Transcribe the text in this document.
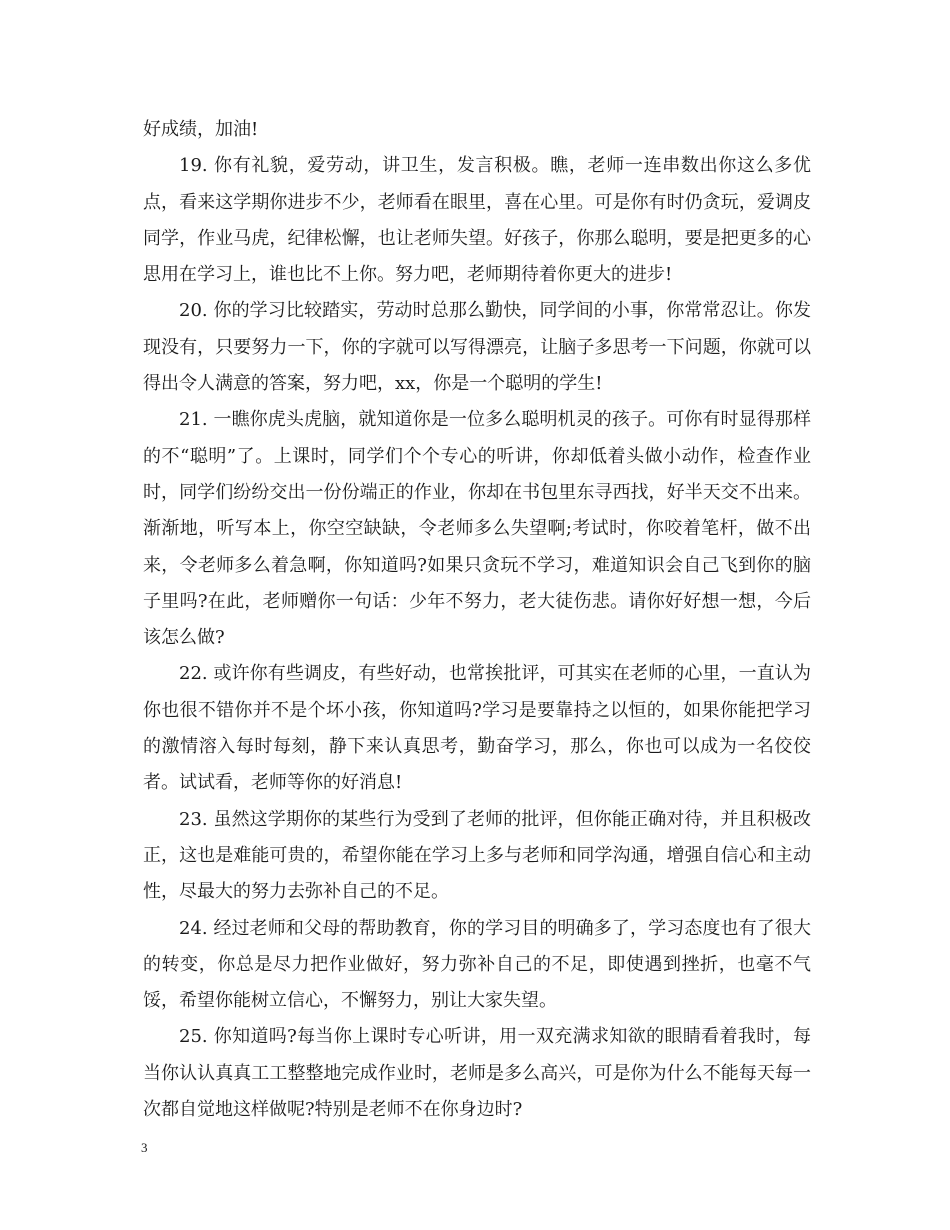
好成绩，加油!

19. 你有礼貌，爱劳动，讲卫生，发言积极。瞧，老师一连串数出你这么多优点，看来这学期你进步不少，老师看在眼里，喜在心里。可是你有时仍贪玩，爱调皮同学，作业马虎，纪律松懈，也让老师失望。好孩子，你那么聪明，要是把更多的心思用在学习上，谁也比不上你。努力吧，老师期待着你更大的进步!

20. 你的学习比较踏实，劳动时总那么勤快，同学间的小事，你常常忍让。你发现没有，只要努力一下，你的字就可以写得漂亮，让脑子多思考一下问题，你就可以得出令人满意的答案，努力吧，xx，你是一个聪明的学生!

21. 一瞧你虎头虎脑，就知道你是一位多么聪明机灵的孩子。可你有时显得那样的不“聪明”了。上课时，同学们个个专心的听讲，你却低着头做小动作，检查作业时，同学们纷纷交出一份份端正的作业，你却在书包里东寻西找，好半天交不出来。渐渐地，听写本上，你空空缺缺，令老师多么失望啊;考试时，你咬着笔杆，做不出来，令老师多么着急啊，你知道吗?如果只贪玩不学习，难道知识会自己飞到你的脑子里吗?在此，老师赠你一句话：少年不努力，老大徒伤悲。请你好好想一想，今后该怎么做?

22. 或许你有些调皮，有些好动，也常挨批评，可其实在老师的心里，一直认为你也很不错你并不是个坏小孩，你知道吗?学习是要靠持之以恒的，如果你能把学习的激情溶入每时每刻，静下来认真思考，勤奋学习，那么，你也可以成为一名佼佼者。试试看，老师等你的好消息!

23. 虽然这学期你的某些行为受到了老师的批评，但你能正确对待，并且积极改正，这也是难能可贵的，希望你能在学习上多与老师和同学沟通，增强自信心和主动性，尽最大的努力去弥补自己的不足。

24. 经过老师和父母的帮助教育，你的学习目的明确多了，学习态度也有了很大的转变，你总是尽力把作业做好，努力弥补自己的不足，即使遇到挫折，也毫不气馁，希望你能树立信心，不懈努力，别让大家失望。

25. 你知道吗?每当你上课时专心听讲，用一双充满求知欲的眼睛看着我时，每当你认认真真工工整整地完成作业时，老师是多么高兴，可是你为什么不能每天每一次都自觉地这样做呢?特别是老师不在你身边时?

3
